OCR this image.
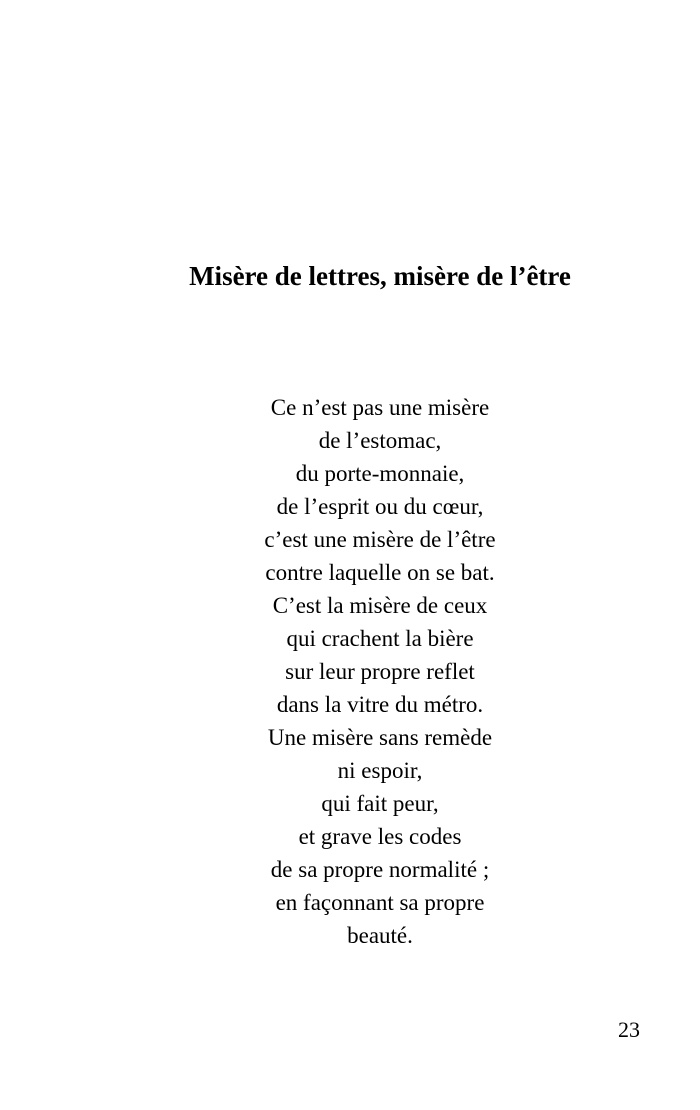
Misère de lettres, misère de l’être
Ce n’est pas une misère
de l’estomac,
du porte-monnaie,
de l’esprit ou du cœur,
c’est une misère de l’être
contre laquelle on se bat.
C’est la misère de ceux
qui crachent la bière
sur leur propre reflet
dans la vitre du métro.
Une misère sans remède
ni espoir,
qui fait peur,
et grave les codes
de sa propre normalité ;
en façonnant sa propre
beauté.
23
